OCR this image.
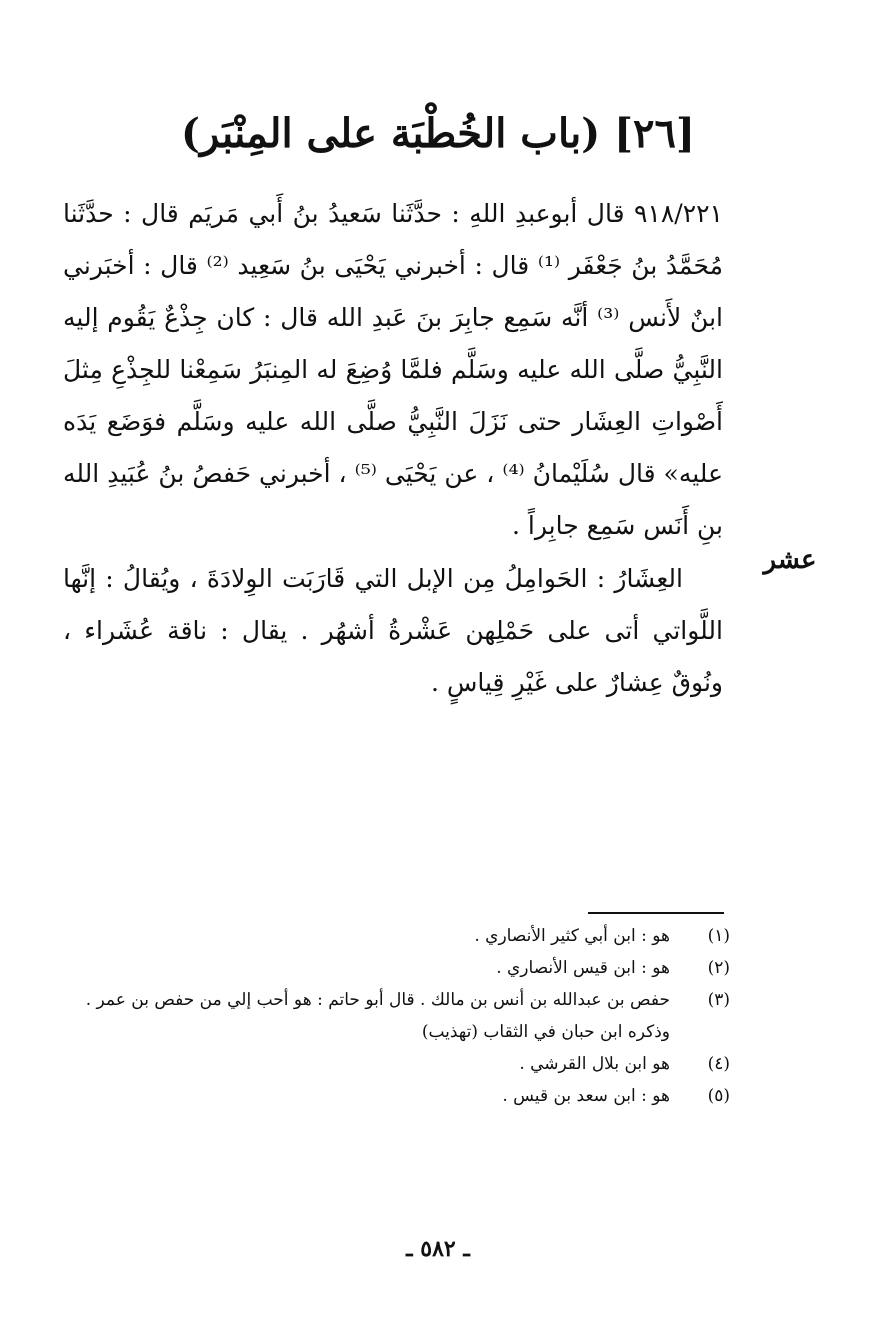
[٢٦] (باب الخُطْبَة على المِنْبَر)

٩١٨/٢٢١ قال أبوعبدِ اللهِ : حدَّثَنا سَعيدُ بنُ أَبي مَريَم قال : حدَّثَنا مُحَمَّدُ بنُ جَعْفَر ⁽¹⁾ قال : أخبرني يَحْيَى بنُ سَعِيد ⁽²⁾ قال : أخبَرني ابنٌ لأَنس ⁽³⁾ أنَّه سَمِع جابِرَ بنَ عَبدِ الله قال : كان جِذْعٌ يَقُوم إليه النَّبِيُّ صلَّى الله عليه وسَلَّم فلمَّا وُضِعَ له المِنبَرُ سَمِعْنا للجِذْعِ مِثلَ أَصْواتِ العِشَار حتى نَزَلَ النَّبِيُّ صلَّى الله عليه وسَلَّم فوَضَع يَدَه عليه» قال سُلَيْمانُ ⁽⁴⁾ ، عن يَحْيَى ⁽⁵⁾ ، أخبرني حَفصُ بنُ عُبَيدِ الله بنِ أَنَس سَمِع جابِراً .

عشر

العِشَارُ : الحَوامِلُ مِن الإبل التي قَارَبَت الوِلادَةَ ، ويُقالُ : إنَّها اللَّواتي أتى على حَمْلِهن عَشْرةُ أشهُر . يقال : ناقة عُشَراء ، ونُوقٌ عِشارٌ على غَيْرِ قِياسٍ .

(١)
هو : ابن أبي كثير الأنصاري .
(٢)
هو : ابن قيس الأنصاري .
(٣)
حفص بن عبدالله بن أنس بن مالك . قال أبو حاتم : هو أحب إلي من حفص بن عمر . وذكره ابن حبان في الثقاب (تهذيب)
(٤)
هو ابن بلال القرشي .
(٥)
هو : ابن سعد بن قيس .
ـ ٥٨٢ ـ
